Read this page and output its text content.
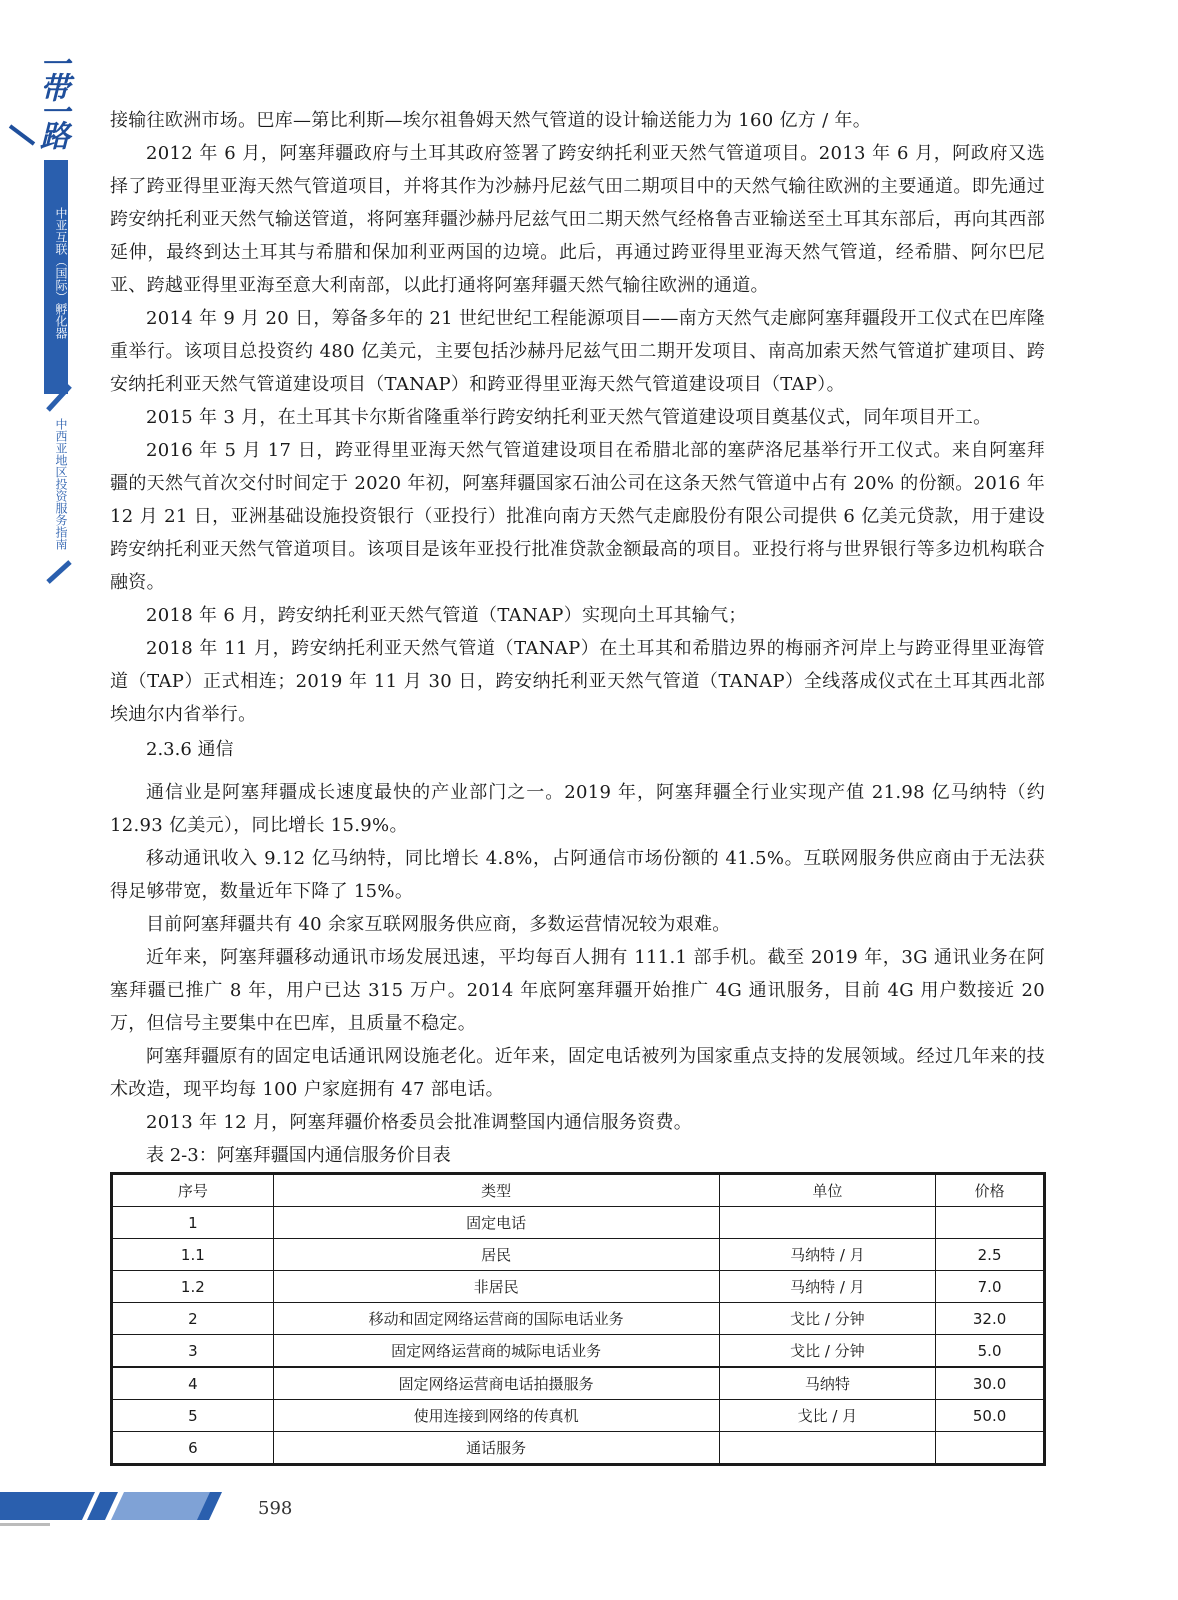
一带一路
中亚互联（国际）孵化器
中西亚地区投资服务指南

接输往欧洲市场。巴库—第比利斯—埃尔祖鲁姆天然气管道的设计输送能力为 160 亿方 / 年。

2012 年 6 月，阿塞拜疆政府与土耳其政府签署了跨安纳托利亚天然气管道项目。2013 年 6 月，阿政府又选择了跨亚得里亚海天然气管道项目，并将其作为沙赫丹尼兹气田二期项目中的天然气输往欧洲的主要通道。即先通过跨安纳托利亚天然气输送管道，将阿塞拜疆沙赫丹尼兹气田二期天然气经格鲁吉亚输送至土耳其东部后，再向其西部延伸，最终到达土耳其与希腊和保加利亚两国的边境。此后，再通过跨亚得里亚海天然气管道，经希腊、阿尔巴尼亚、跨越亚得里亚海至意大利南部，以此打通将阿塞拜疆天然气输往欧洲的通道。

2014 年 9 月 20 日，筹备多年的 21 世纪世纪工程能源项目——南方天然气走廊阿塞拜疆段开工仪式在巴库隆重举行。该项目总投资约 480 亿美元，主要包括沙赫丹尼兹气田二期开发项目、南高加索天然气管道扩建项目、跨安纳托利亚天然气管道建设项目（TANAP）和跨亚得里亚海天然气管道建设项目（TAP）。

2015 年 3 月，在土耳其卡尔斯省隆重举行跨安纳托利亚天然气管道建设项目奠基仪式，同年项目开工。

2016 年 5 月 17 日，跨亚得里亚海天然气管道建设项目在希腊北部的塞萨洛尼基举行开工仪式。来自阿塞拜疆的天然气首次交付时间定于 2020 年初，阿塞拜疆国家石油公司在这条天然气管道中占有 20% 的份额。2016 年 12 月 21 日，亚洲基础设施投资银行（亚投行）批准向南方天然气走廊股份有限公司提供 6 亿美元贷款，用于建设跨安纳托利亚天然气管道项目。该项目是该年亚投行批准贷款金额最高的项目。亚投行将与世界银行等多边机构联合融资。

2018 年 6 月，跨安纳托利亚天然气管道（TANAP）实现向土耳其输气；

2018 年 11 月，跨安纳托利亚天然气管道（TANAP）在土耳其和希腊边界的梅丽齐河岸上与跨亚得里亚海管道（TAP）正式相连；2019 年 11 月 30 日，跨安纳托利亚天然气管道（TANAP）全线落成仪式在土耳其西北部埃迪尔内省举行。

2.3.6 通信

通信业是阿塞拜疆成长速度最快的产业部门之一。2019 年，阿塞拜疆全行业实现产值 21.98 亿马纳特（约 12.93 亿美元），同比增长 15.9%。

移动通讯收入 9.12 亿马纳特，同比增长 4.8%，占阿通信市场份额的 41.5%。互联网服务供应商由于无法获得足够带宽，数量近年下降了 15%。

目前阿塞拜疆共有 40 余家互联网服务供应商，多数运营情况较为艰难。

近年来，阿塞拜疆移动通讯市场发展迅速，平均每百人拥有 111.1 部手机。截至 2019 年，3G 通讯业务在阿塞拜疆已推广 8 年，用户已达 315 万户。2014 年底阿塞拜疆开始推广 4G 通讯服务，目前 4G 用户数接近 20 万，但信号主要集中在巴库，且质量不稳定。

阿塞拜疆原有的固定电话通讯网设施老化。近年来，固定电话被列为国家重点支持的发展领域。经过几年来的技术改造，现平均每 100 户家庭拥有 47 部电话。

2013 年 12 月，阿塞拜疆价格委员会批准调整国内通信服务资费。

表 2-3：阿塞拜疆国内通信服务价目表

序号	类型	单位	价格
1	固定电话		
1.1	居民	马纳特 / 月	2.5
1.2	非居民	马纳特 / 月	7.0
2	移动和固定网络运营商的国际电话业务	戈比 / 分钟	32.0
3	固定网络运营商的城际电话业务	戈比 / 分钟	5.0
4	固定网络运营商电话拍摄服务	马纳特	30.0
5	使用连接到网络的传真机	戈比 / 月	50.0
6	通话服务		
598
